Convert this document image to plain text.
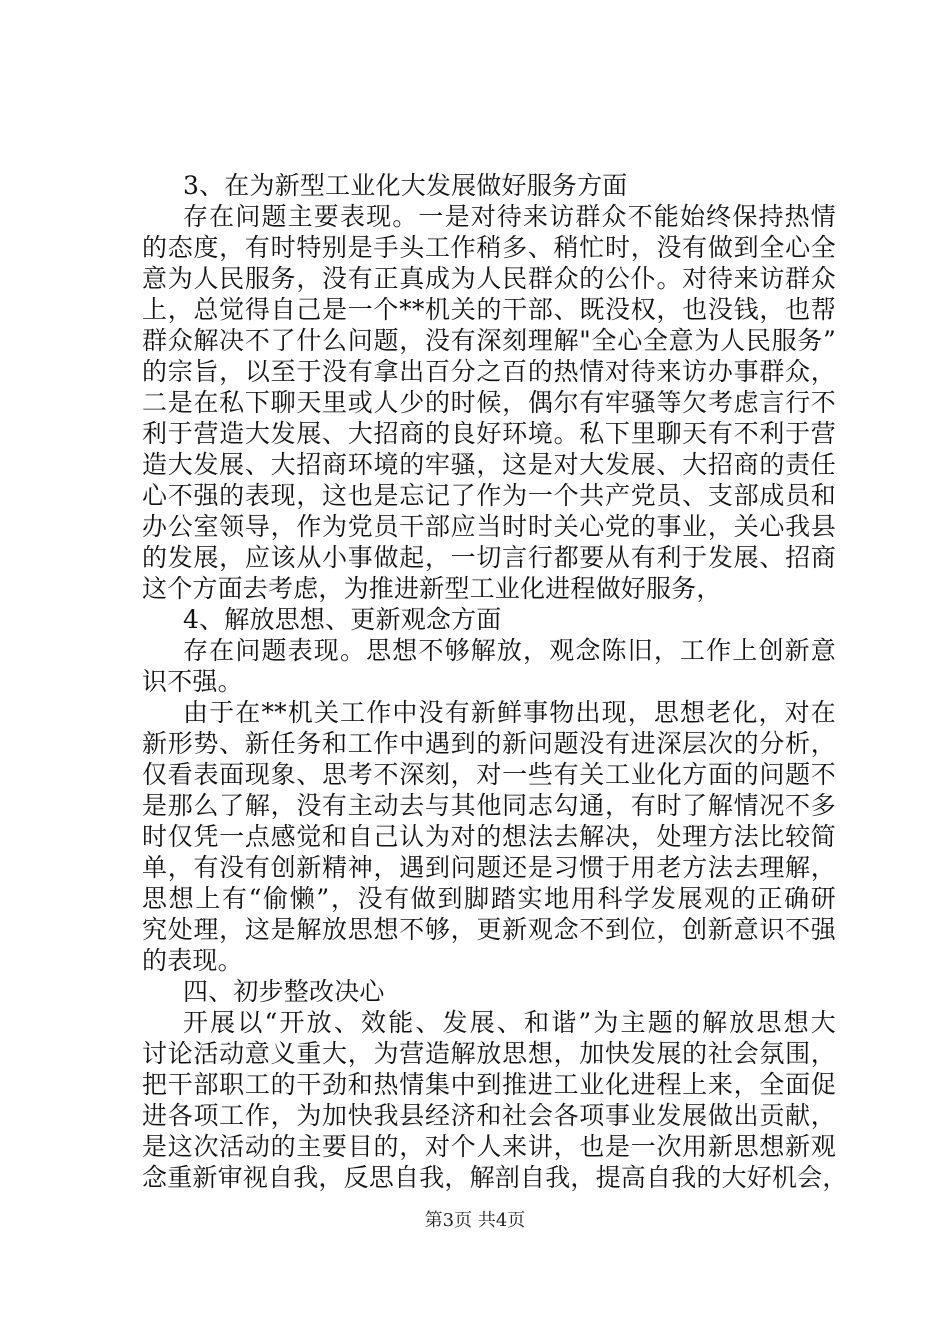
3、在为新型工业化大发展做好服务方面
存在问题主要表现。一是对待来访群众不能始终保持热情
的态度，有时特别是手头工作稍多、稍忙时，没有做到全心全
意为人民服务，没有正真成为人民群众的公仆。对待来访群众
上，总觉得自己是一个**机关的干部、既没权，也没钱，也帮
群众解决不了什么问题，没有深刻理解"全心全意为人民服务”
的宗旨，以至于没有拿出百分之百的热情对待来访办事群众，
二是在私下聊天里或人少的时候，偶尔有牢骚等欠考虑言行不
利于营造大发展、大招商的良好环境。私下里聊天有不利于营
造大发展、大招商环境的牢骚，这是对大发展、大招商的责任
心不强的表现，这也是忘记了作为一个共产党员、支部成员和
办公室领导，作为党员干部应当时时关心党的事业，关心我县
的发展，应该从小事做起，一切言行都要从有利于发展、招商
这个方面去考虑，为推进新型工业化进程做好服务，
4、解放思想、更新观念方面
存在问题表现。思想不够解放，观念陈旧，工作上创新意
识不强。
由于在**机关工作中没有新鲜事物出现，思想老化，对在
新形势、新任务和工作中遇到的新问题没有进深层次的分析，
仅看表面现象、思考不深刻，对一些有关工业化方面的问题不
是那么了解，没有主动去与其他同志勾通，有时了解情况不多
时仅凭一点感觉和自己认为对的想法去解决，处理方法比较简
单，有没有创新精神，遇到问题还是习惯于用老方法去理解，
思想上有“偷懒”，没有做到脚踏实地用科学发展观的正确研
究处理，这是解放思想不够，更新观念不到位，创新意识不强
的表现。
四、初步整改决心
开展以“开放、效能、发展、和谐”为主题的解放思想大
讨论活动意义重大，为营造解放思想，加快发展的社会氛围，
把干部职工的干劲和热情集中到推进工业化进程上来，全面促
进各项工作，为加快我县经济和社会各项事业发展做出贡献，
是这次活动的主要目的，对个人来讲，也是一次用新思想新观
念重新审视自我，反思自我，解剖自我，提高自我的大好机会，
第3页 共4页
